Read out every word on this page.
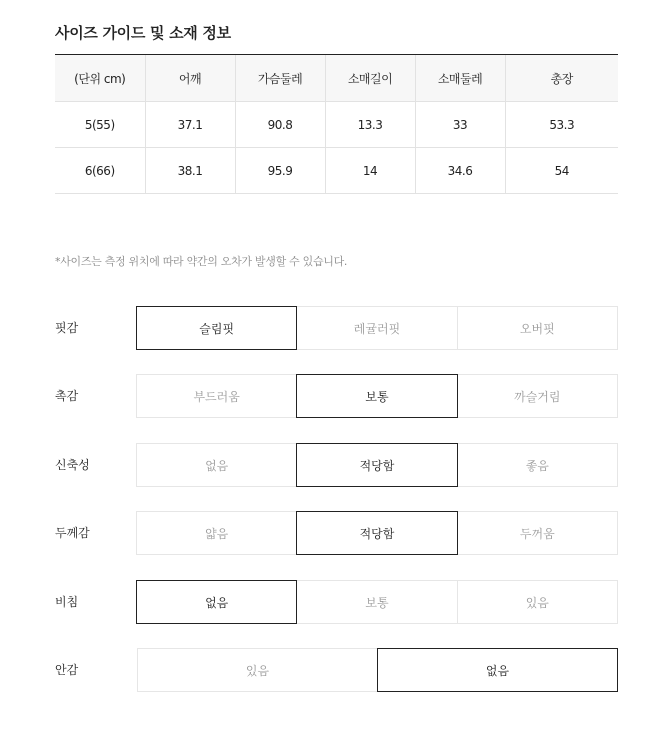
사이즈 가이드 및 소재 정보
(단위 cm)	어깨	가슴둘레	소매길이	소매둘레	총장
5(55)	37.1	90.8	13.3	33	53.3
6(66)	38.1	95.9	14	34.6	54
*사이즈는 측정 위치에 따라 약간의 오차가 발생할 수 있습니다.
핏감	슬림핏	레귤러핏	오버핏
촉감	부드러움	보통	까슬거림
신축성	없음	적당함	좋음
두께감	얇음	적당함	두꺼움
비침	없음	보통	있음
안감	있음	없음
